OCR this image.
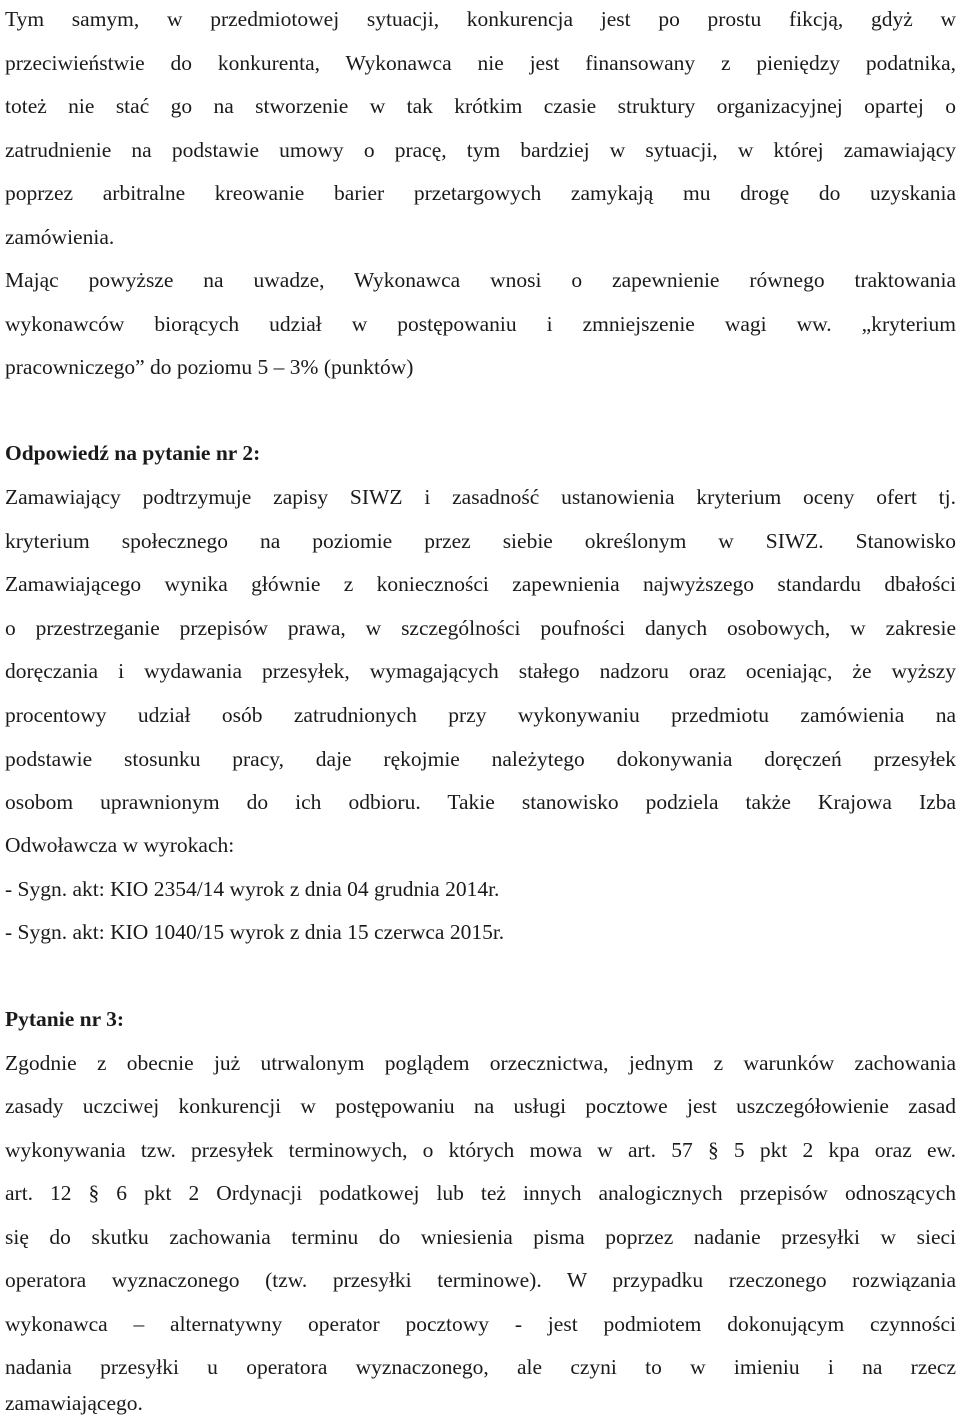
Tym samym, w przedmiotowej sytuacji, konkurencja jest po prostu fikcją, gdyż w
przeciwieństwie do konkurenta, Wykonawca nie jest finansowany z pieniędzy podatnika,
toteż nie stać go na stworzenie w tak krótkim czasie struktury organizacyjnej opartej o
zatrudnienie na podstawie umowy o pracę, tym bardziej w sytuacji, w której zamawiający
poprzez arbitralne kreowanie barier przetargowych zamykają mu drogę do uzyskania
zamówienia.
Mając powyższe na uwadze, Wykonawca wnosi o zapewnienie równego traktowania
wykonawców biorących udział w postępowaniu i zmniejszenie wagi ww. „kryterium
pracowniczego” do poziomu 5 – 3% (punktów)
Odpowiedź na pytanie nr 2:
Zamawiający podtrzymuje zapisy SIWZ i zasadność ustanowienia kryterium oceny ofert tj.
kryterium społecznego na poziomie przez siebie określonym w SIWZ. Stanowisko
Zamawiającego wynika głównie z konieczności zapewnienia najwyższego standardu dbałości
o przestrzeganie przepisów prawa, w szczególności poufności danych osobowych, w zakresie
doręczania i wydawania przesyłek, wymagających stałego nadzoru oraz oceniając, że wyższy
procentowy udział osób zatrudnionych przy wykonywaniu przedmiotu zamówienia na
podstawie stosunku pracy, daje rękojmie należytego dokonywania doręczeń przesyłek
osobom uprawnionym do ich odbioru. Takie stanowisko podziela także Krajowa Izba
Odwoławcza w wyrokach:
- Sygn. akt: KIO 2354/14 wyrok z dnia 04 grudnia 2014r.
- Sygn. akt: KIO 1040/15 wyrok z dnia 15 czerwca 2015r.
Pytanie nr 3:
Zgodnie z obecnie już utrwalonym poglądem orzecznictwa, jednym z warunków zachowania
zasady uczciwej konkurencji w postępowaniu na usługi pocztowe jest uszczegółowienie zasad
wykonywania tzw. przesyłek terminowych, o których mowa w art. 57 § 5 pkt 2 kpa oraz ew.
art. 12 § 6 pkt 2 Ordynacji podatkowej lub też innych analogicznych przepisów odnoszących
się do skutku zachowania terminu do wniesienia pisma poprzez nadanie przesyłki w sieci
operatora wyznaczonego (tzw. przesyłki terminowe). W przypadku rzeczonego rozwiązania
wykonawca – alternatywny operator pocztowy - jest podmiotem dokonującym czynności
nadania przesyłki u operatora wyznaczonego, ale czyni to w imieniu i na rzecz
zamawiającego.
